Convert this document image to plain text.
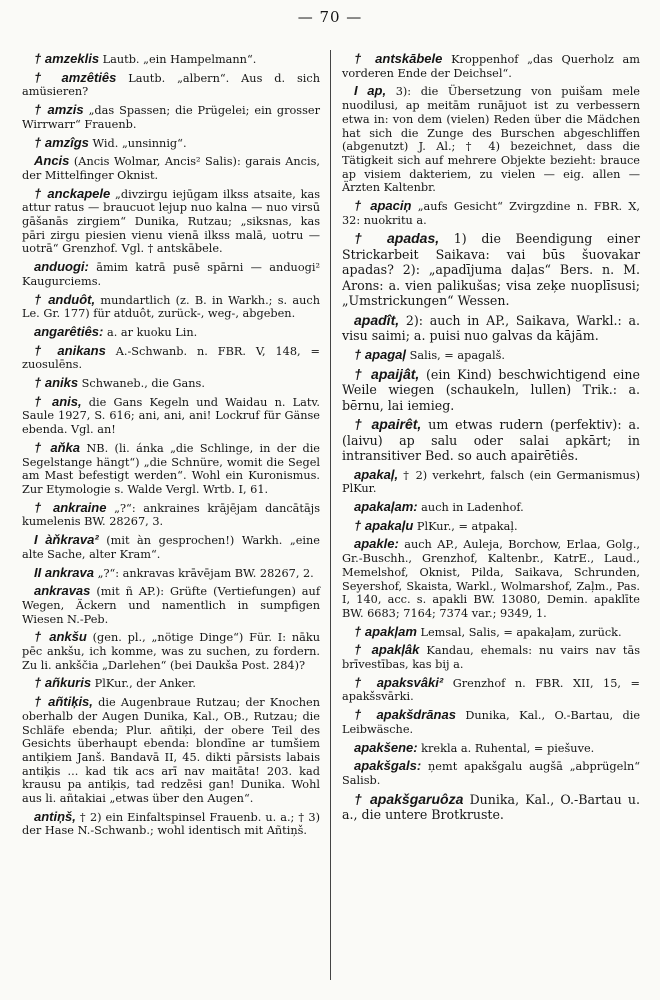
— 70 —

† amzeklis Lautb. „ein Hampelmann“.

† amzêtiês Lautb. „albern“. Aus d. sich amüsieren?

† amzis „das Spassen; die Prügelei; ein grosser Wirrwarr“ Frauenb.

† amzîgs Wid. „unsinnig“.

Ancis (Ancis Wolmar, Ancis² Salis): garais Ancis, der Mittelfinger Oknist.

† anckapele „divzirgu iejūgam ilkss atsaite, kas attur ratus — braucuot lejup nuo kalna — nuo virsū gāšanās zirgiem“ Dunika, Rutzau; „siksnas, kas pāri zirgu piesien vienu vienā ilkss malā, uotru — uotrā“ Grenzhof. Vgl. † antskābele.

anduogi: āmim katrā pusē spārni — anduogi² Kaugurciems.

† anduôt, mundartlich (z. B. in Warkh.; s. auch Le. Gr. 177) für atduôt, zurück-, weg-, abgeben.

angarêtiês: a. ar kuoku Lin.

† anikans A.-Schwanb. n. FBR. V, 148, = zuosulēns.

† aniks Schwaneb., die Gans.

† anis, die Gans Kegeln und Waidau n. Latv. Saule 1927, S. 616; ani, ani, ani! Lockruf für Gänse ebenda. Vgl. an!

† aňka NB. (li. ánka „die Schlinge, in der die Segelstange hängt“) „die Schnüre, womit die Segel am Mast befestigt werden“. Wohl ein Kuronismus. Zur Etymologie s. Walde Vergl. Wrtb. I, 61.

† ankraine „?“: ankraines krājējam dancātājs kumelenis BW. 28267, 3.

I àňkrava² (mit àn gesprochen!) Warkh. „eine alte Sache, alter Kram“.

II ankrava „?“: ankravas krāvējam BW. 28267, 2.

ankravas (mit ñ AP.): Grüfte (Vertiefungen) auf Wegen, Äckern und namentlich in sumpfigen Wiesen N.-Peb.

† ankšu (gen. pl., „nötige Dinge“) Für. I: nāku pēc ankšu, ich komme, was zu suchen, zu fordern. Zu li. ankščia „Darlehen“ (bei Daukša Post. 284)?

† añkuris PlKur., der Anker.

† añtiķis, die Augenbraue Rutzau; der Knochen oberhalb der Augen Dunika, Kal., OB., Rutzau; die Schläfe ebenda; Plur. añtiķi, der obere Teil des Gesichts überhaupt ebenda: blondīne ar tumšiem antiķiem Janš. Bandavā II, 45. dikti pārsists labais antiķis ... kad tik acs arī nav maitāta! 203. kad krausu pa antiķis, tad redzēsi gan! Dunika. Wohl aus li. añtakiai „etwas über den Augen“.

antiņš, † 2) ein Einfaltspinsel Frauenb. u. a.; † 3) der Hase N.-Schwanb.; wohl identisch mit Añtiņš.

† antskābele Kroppenhof „das Querholz am vorderen Ende der Deichsel“.

I ap, 3): die Übersetzung von puišam mele nuodilusi, ap meitām runājuot ist zu verbessern etwa in: von dem (vielen) Reden über die Mädchen hat sich die Zunge des Burschen abgeschliffen (abgenutzt) J. Al.; † 4) bezeichnet, dass die Tätigkeit sich auf mehrere Objekte bezieht: brauce ap visiem dakteriem, zu vielen — eig. allen — Ärzten Kaltenbr.

† apaciņ „aufs Gesicht“ Zvirgzdine n. FBR. X, 32: nuokritu a.

† apadas, 1) die Beendigung einer Strickarbeit Saikava: vai būs šuovakar apadas? 2): „apadījuma daļas“ Bers. n. M. Arons: a. vien palikušas; visa zeķe nuoplīsusi; „Umstrickungen“ Wessen.

apadît, 2): auch in AP., Saikava, Warkl.: a. visu saimi; a. puisi nuo galvas da kājām.

† apagaļ Salis, = apagalš.

† apaijât, (ein Kind) beschwichtigend eine Weile wiegen (schaukeln, lullen) Trik.: a. bērnu, lai iemieg.

† apairêt, um etwas rudern (perfektiv): a. (laivu) ap salu oder salai apkārt; in intransitiver Bed. so auch apairētiês.

apakaļ, † 2) verkehrt, falsch (ein Germanismus) PlKur.

apakaļam: auch in Ladenhof.

† apakaļu PlKur., = atpakaļ.

apakle: auch AP., Auleja, Borchow, Erlaa, Golg., Gr.-Buschh., Grenzhof, Kaltenbr., KatrE., Laud., Memelshof, Oknist, Pilda, Saikava, Schrunden, Seyershof, Skaista, Warkl., Wolmarshof, Zaļm., Pas. I, 140, acc. s. apakli BW. 13080, Demin. apaklīte BW. 6683; 7164; 7374 var.; 9349, 1.

† apakļam Lemsal, Salis, = apakaļam, zurück.

† apakļâk Kandau, ehemals: nu vairs nav tās brīvestības, kas bij a.

† apaksvâki² Grenzhof n. FBR. XII, 15, = apakšsvārki.

† apakšdrānas Dunika, Kal., O.-Bartau, die Leibwäsche.

apakšene: krekla a. Ruhental, = piešuve.

apakšgals: ņemt apakšgalu augšā „abprügeln“ Salisb.

† apakšgaruôza Dunika, Kal., O.-Bartau u. a., die untere Brotkruste.
